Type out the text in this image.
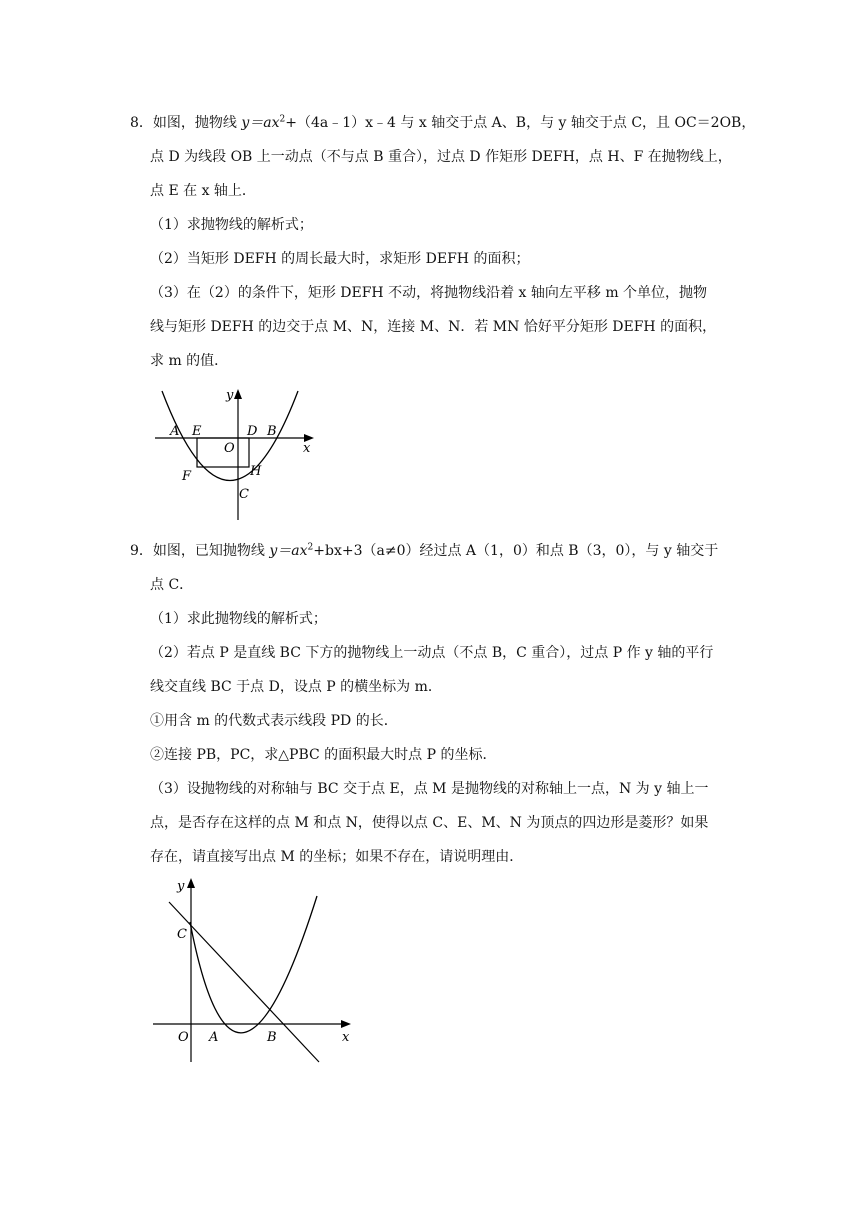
8．如图，抛物线 $y=ax^2+(4a﹣1)x﹣4$ 与 x 轴交于点 A、B，与 y 轴交于点 C，且 OC＝2OB，
点 D 为线段 OB 上一动点（不与点 B 重合），过点 D 作矩形 DEFH，点 H、F 在抛物线上，
点 E 在 x 轴上．
（1）求抛物线的解析式；
（2）当矩形 DEFH 的周长最大时，求矩形 DEFH 的面积；
（3）在（2）的条件下，矩形 DEFH 不动，将抛物线沿着 x 轴向左平移 m 个单位，抛物
线与矩形 DEFH 的边交于点 M、N，连接 M、N．若 MN 恰好平分矩形 DEFH 的面积，
求 m 的值．
y
x
A E	D B
O
F	H
C
9．如图，已知抛物线 $y=ax^2+bx+3(a\ne 0)$经过点 A（1，0）和点 B（3，0），与 y 轴交于
点 C．
（1）求此抛物线的解析式；
（2）若点 P 是直线 BC 下方的抛物线上一动点（不点 B，C 重合），过点 P 作 y 轴的平行
线交直线 BC 于点 D，设点 P 的横坐标为 m．
①用含 m 的代数式表示线段 PD 的长．
②连接 PB，PC，求△PBC 的面积最大时点 P 的坐标．
（3）设抛物线的对称轴与 BC 交于点 E，点 M 是抛物线的对称轴上一点，N 为 y 轴上一
点，是否存在这样的点 M 和点 N，使得以点 C、E、M、N 为顶点的四边形是菱形？如果
存在，请直接写出点 M 的坐标；如果不存在，请说明理由．
y
C
O A	B	x
